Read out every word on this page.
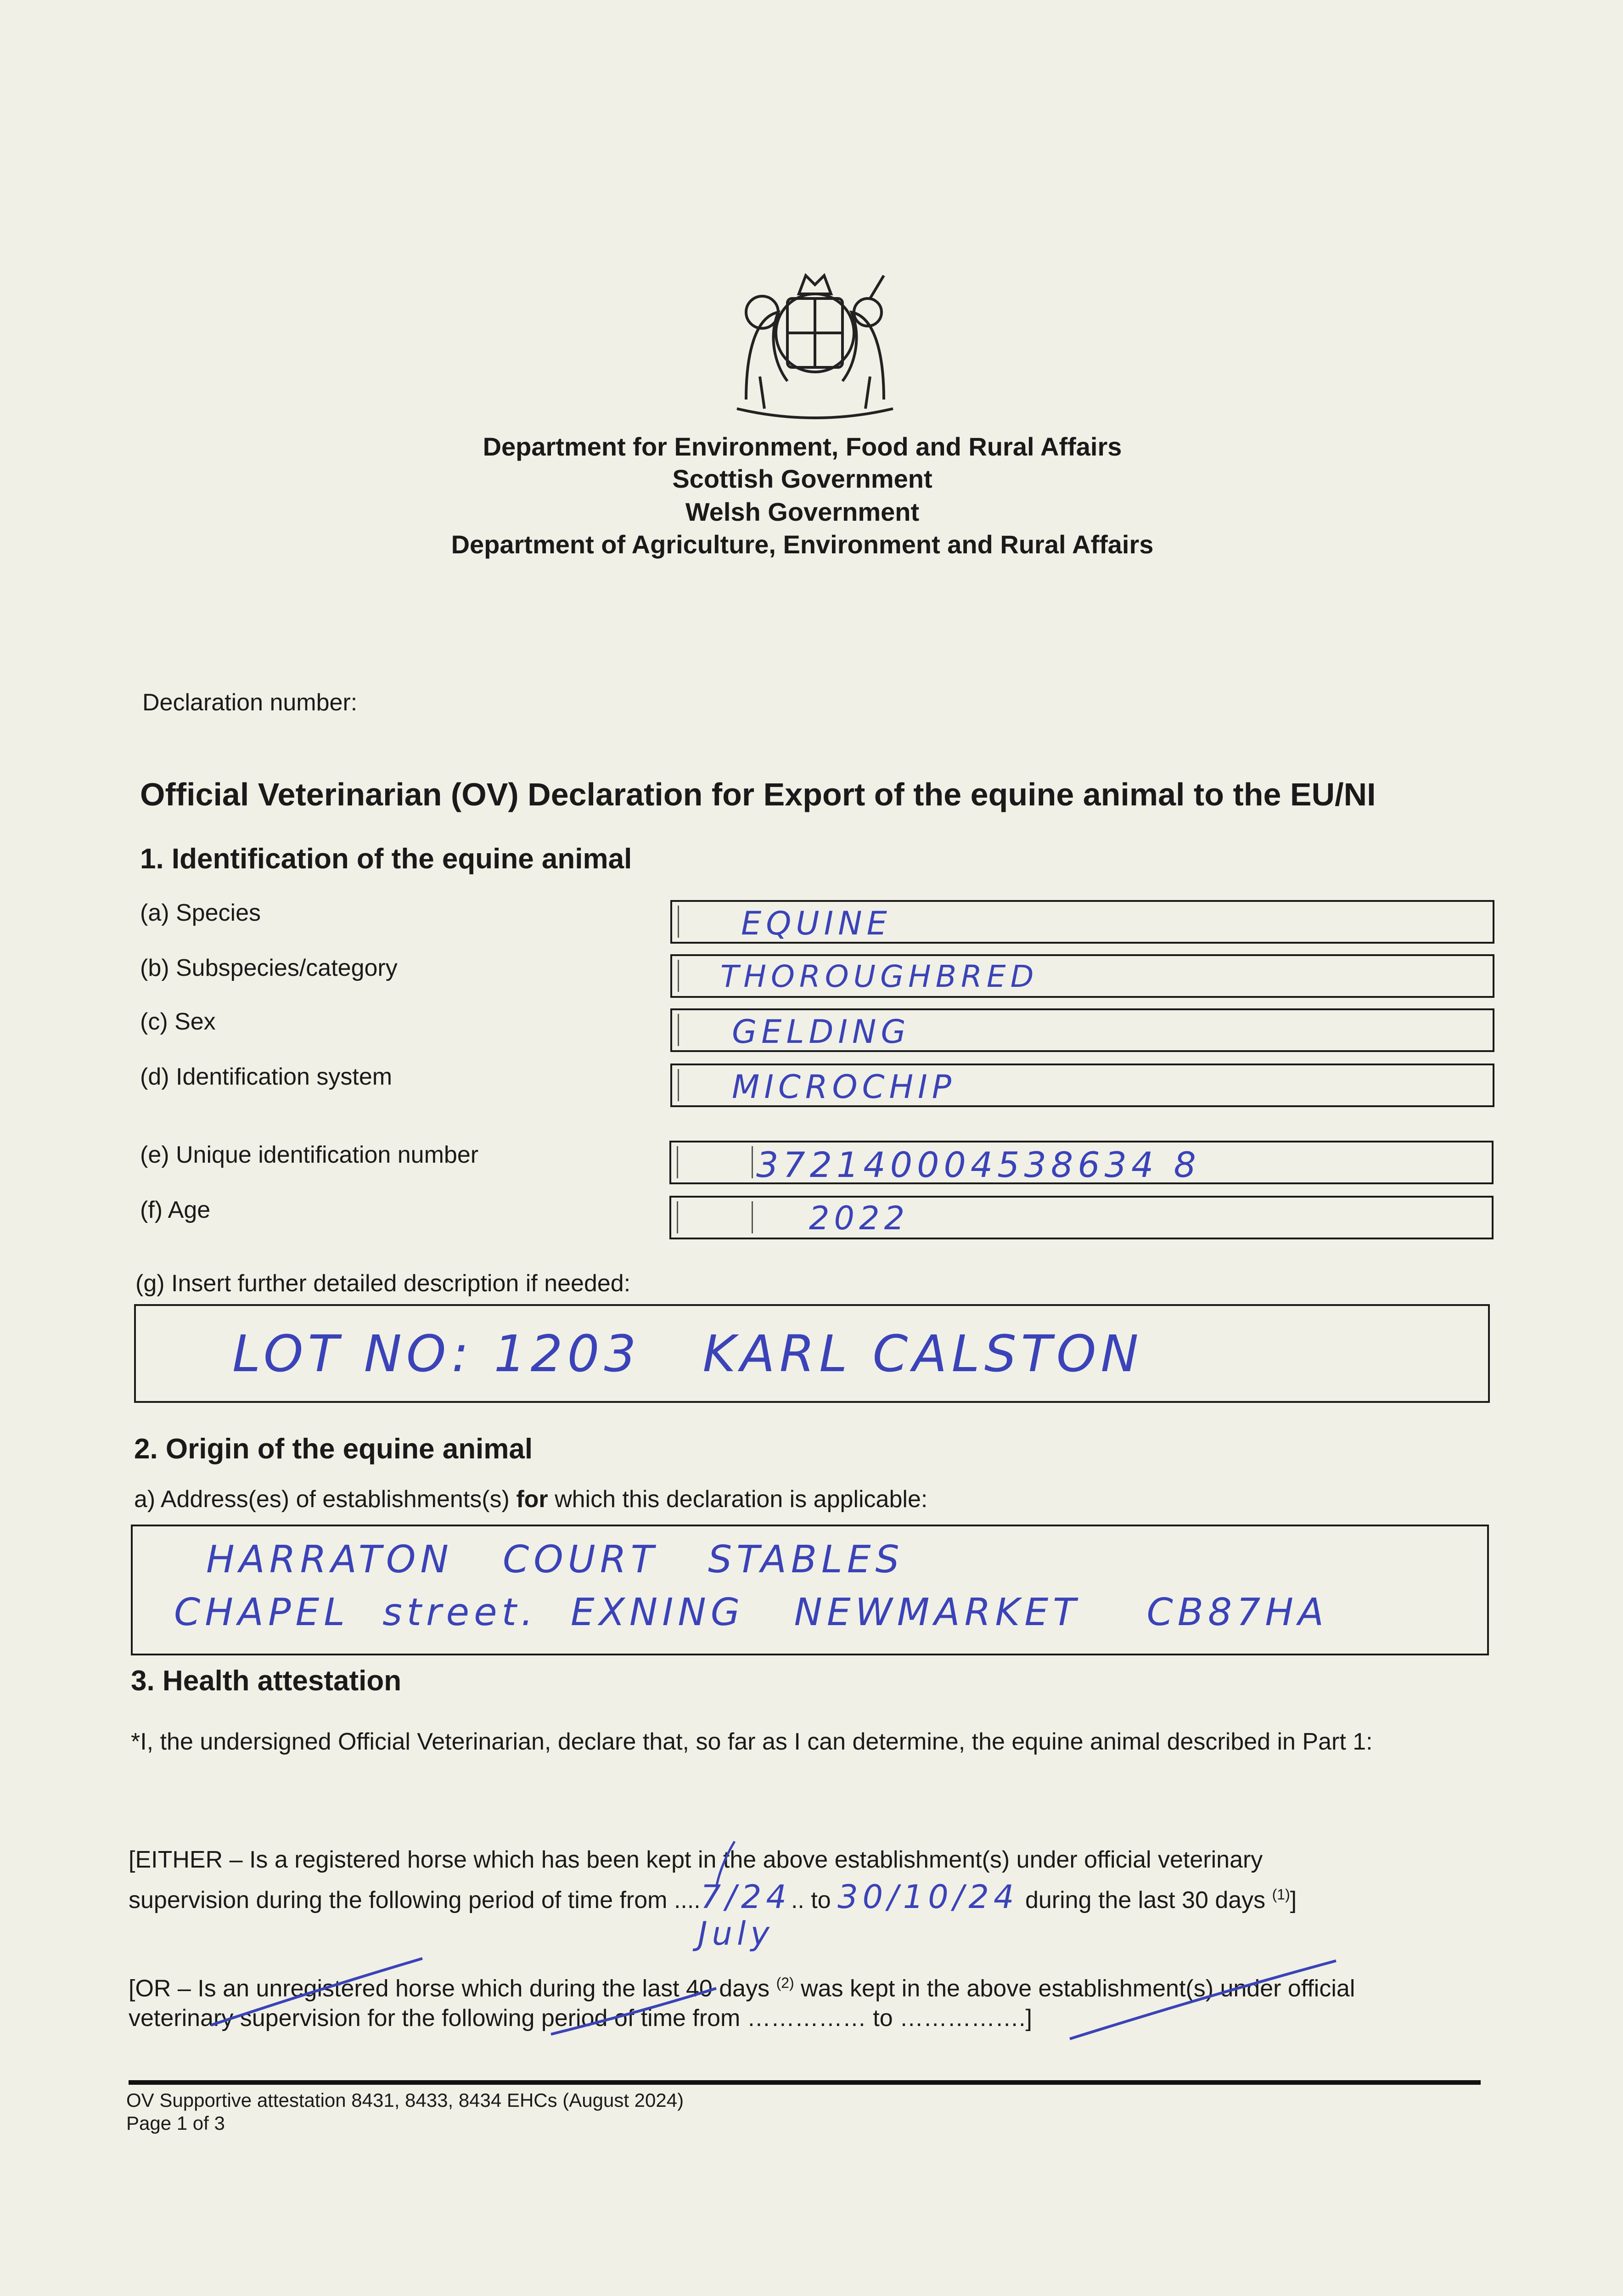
Department for Environment, Food and Rural Affairs
Scottish Government
Welsh Government
Department of Agriculture, Environment and Rural Affairs
Declaration number:
Official Veterinarian (OV) Declaration for Export of the equine animal to the EU/NI
1. Identification of the equine animal
(a) Species
(b) Subspecies/category
(c) Sex
(d) Identification system
(e) Unique identification number
(f) Age
EQUINE
THOROUGHBRED
GELDING
MICROCHIP
372140004538634 8
2022
(g) Insert further detailed description if needed:
LOT NO: 1203   KARL CALSTON
2. Origin of the equine animal
a) Address(es) of establishments(s) for which this declaration is applicable:
HARRATON   COURT   STABLES
CHAPEL  street.  EXNING   NEWMARKET    CB87HA
3. Health attestation
*I, the undersigned Official Veterinarian, declare that, so far as I can determine, the equine animal described in Part 1:
[EITHER – Is a registered horse which has been kept in the above establishment(s) under official veterinary
supervision during the following period of time from ....7/24.. to 30/10/24 during the last 30 days $^{(1)}$]
July
[OR – Is an unregistered horse which during the last 40 days $^{(2)}$ was kept in the above establishment(s) under official
veterinary supervision for the following period of time from …………… to …………….]
OV Supportive attestation 8431, 8433, 8434 EHCs (August 2024)
Page 1 of 3
